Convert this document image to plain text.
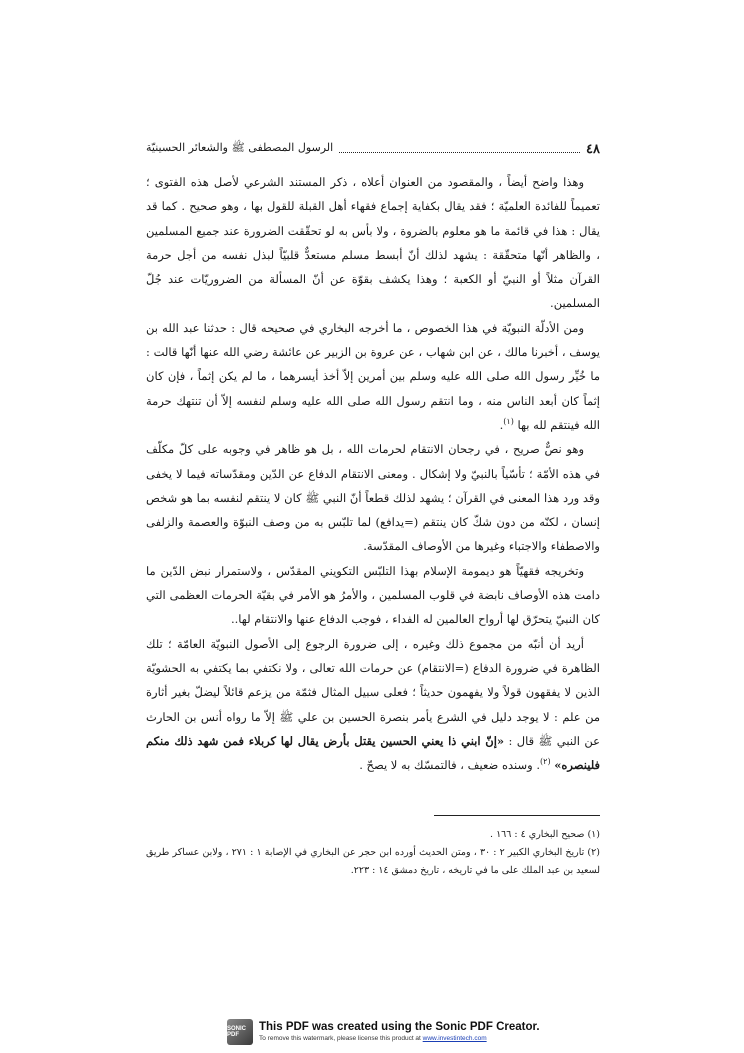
٤٨
الرسول المصطفى ﷺ والشعائر الحسينيّة

وهذا واضح أيضاً ، والمقصود من العنوان أعلاه ، ذكر المستند الشرعي لأصل هذه الفتوى ؛ تعميماً للفائدة العلميّة ؛ فقد يقال بكفاية إجماع فقهاء أهل القبلة للقول بها ، وهو صحيح . كما قد يقال : هذا في قائمة ما هو معلوم بالضروة ، ولا بأس به لو تحقّقت الضرورة عند جميع المسلمين ، والظاهر أنّها متحقّقة : يشهد لذلك أنّ أبسط مسلم مستعدٌّ قلبيّاً لبذل نفسه من أجل حرمة القرآن مثلاً أو النبيّ أو الكعبة ؛ وهذا يكشف بقوّة عن أنّ المسألة من الضروريّات عند جُلّ المسلمين.

ومن الأدلّة النبويّة في هذا الخصوص ، ما أخرجه البخاري في صحيحه قال : حدثنا عبد الله بن يوسف ، أخبرنا مالك ، عن ابن شهاب ، عن عروة بن الزبير عن عائشة رضي الله عنها أنّها قالت : ما خُيِّر رسول الله صلى الله عليه وسلم بين أمرين إلاّ أخذ أيسرهما ، ما لم يكن إثماً ، فإن كان إثماً كان أبعد الناس منه ، وما انتقم رسول الله صلى الله عليه وسلم لنفسه إلاّ أن تنتهك حرمة الله فينتقم لله بها $^{(١)}$.

وهو نصٌّ صريح ، في رجحان الانتقام لحرمات الله ، بل هو ظاهر في وجوبه على كلّ مكلّف في هذه الأمّة ؛ تأسّياً بالنبيّ ولا إشكال . ومعنى الانتقام الدفاع عن الدّين ومقدّساته فيما لا يخفى وقد ورد هذا المعنى في القرآن ؛ يشهد لذلك قطعاً أنّ النبي ﷺ كان لا ينتقم لنفسه بما هو شخص إنسان ، لكنّه من دون شكّ كان ينتقم (=يدافع) لما تلبّس به من وصف النبوّة والعصمة والزلفى والاصطفاء والاجتباء وغيرها من الأوصاف المقدّسة.

وتخريجه فقهيّاً هو ديمومة الإسلام بهذا التلبّس التكويني المقدّس ، ولاستمرار نبض الدّين ما دامت هذه الأوصاف نابضة في قلوب المسلمين ، والأمرُ هو الأمر في بقيّة الحرمات العظمى التي كان النبيّ يتحرّق لها أرواح العالمين له الفداء ، فوجب الدفاع عنها والانتقام لها..

أريد أن أنبّه من مجموع ذلك وغيره ، إلى ضرورة الرجوع إلى الأصول النبويّة العامّة ؛ تلك الظاهرة في ضرورة الدفاع (=الانتقام) عن حرمات الله تعالى ، ولا نكتفي بما يكتفي به الحشويّة الذين لا يفقهون قولاً ولا يفهمون حديثاً ؛ فعلى سبيل المثال فثمّة من يزعم قائلاً ليضلّ بغير أثارة من علم : لا يوجد دليل في الشرع يأمر بنصرة الحسين بن علي ﷺ إلاّ ما رواه أنس بن الحارث عن النبي ﷺ قال : «إنّ ابني ذا يعني الحسين يقتل بأرض يقال لها كربلاء فمن شهد ذلك منكم فلينصره» $^{(٢)}$. وسنده ضعيف ، فالتمسّك به لا يصحّ .

(١) صحيح البخاري ٤ : ١٦٦ .

(٢) تاريخ البخاري الكبير ٢ : ٣٠ ، ومتن الحديث أورده ابن حجر عن البخاري في الإصابة ١ : ٢٧١ ، ولابن عساكر طريق لسعيد بن عبد الملك على ما في تاريخه ، تاريخ دمشق ١٤ : ٢٢٣.

SONIC PDF
This PDF was created using the Sonic PDF Creator.
To remove this watermark, please license this product at www.investintech.com
